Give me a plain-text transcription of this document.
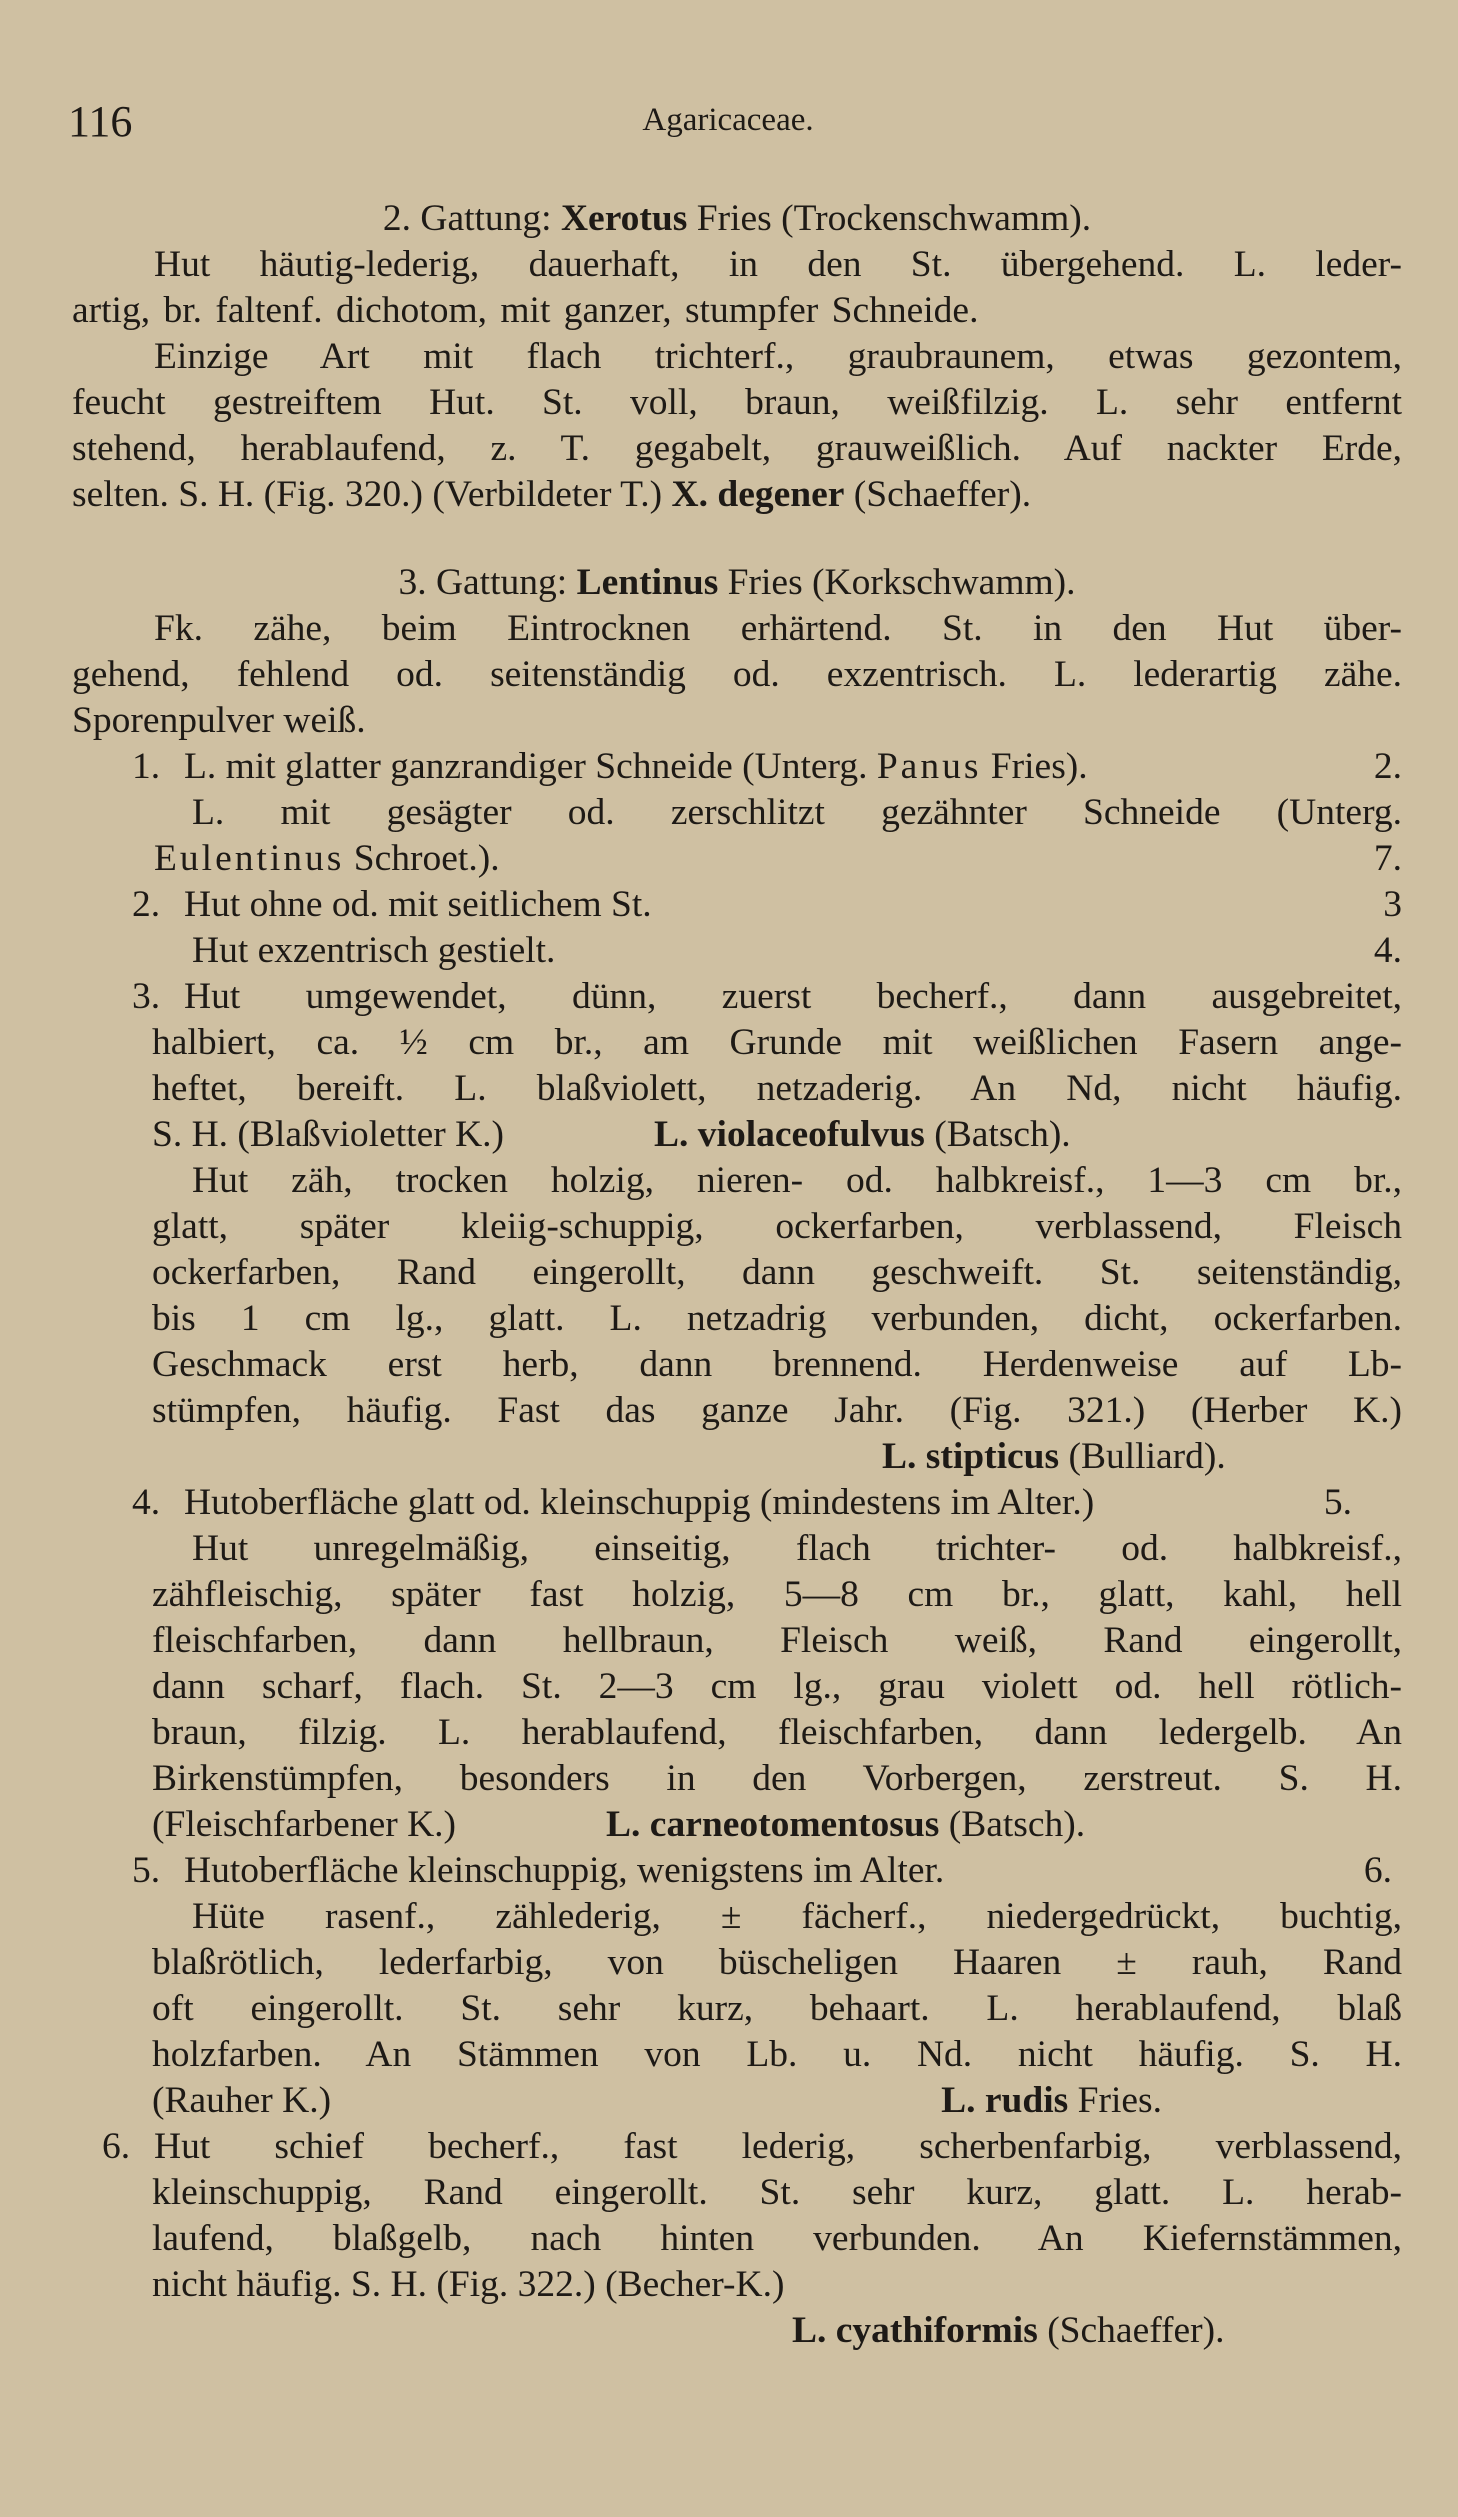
116	Agaricaceae.
2. Gattung: Xerotus Fries (Trockenschwamm).
Hut häutig-lederig, dauerhaft, in den St. übergehend. L. leder-
artig, br. faltenf. dichotom, mit ganzer, stumpfer Schneide.
Einzige Art mit flach trichterf., graubraunem, etwas gezontem,
feucht gestreiftem Hut. St. voll, braun, weißfilzig. L. sehr entfernt
stehend, herablaufend, z. T. gegabelt, grauweißlich. Auf nackter Erde,
selten. S. H. (Fig. 320.) (Verbildeter T.) X. degener (Schaeffer).
3. Gattung: Lentinus Fries (Korkschwamm).
Fk. zähe, beim Eintrocknen erhärtend. St. in den Hut über-
gehend, fehlend od. seitenständig od. exzentrisch. L. lederartig zähe.
Sporenpulver weiß.
1. L. mit glatter ganzrandiger Schneide (Unterg. Panus Fries).	2.
L. mit gesägter od. zerschlitzt gezähnter Schneide (Unterg.
Eulentinus Schroet.).	7.
2. Hut ohne od. mit seitlichem St.	3
Hut exzentrisch gestielt.	4.
3. Hut umgewendet, dünn, zuerst becherf., dann ausgebreitet,
halbiert, ca. ½ cm br., am Grunde mit weißlichen Fasern ange-
heftet, bereift. L. blaßviolett, netzaderig. An Nd, nicht häufig.
S. H. (Blaßvioletter K.)	L. violaceofulvus (Batsch).
Hut zäh, trocken holzig, nieren- od. halbkreisf., 1—3 cm br.,
glatt, später kleiig-schuppig, ockerfarben, verblassend, Fleisch
ockerfarben, Rand eingerollt, dann geschweift. St. seitenständig,
bis 1 cm lg., glatt. L. netzadrig verbunden, dicht, ockerfarben.
Geschmack erst herb, dann brennend. Herdenweise auf Lb-
stümpfen, häufig. Fast das ganze Jahr. (Fig. 321.) (Herber K.)
L. stipticus (Bulliard).
4. Hutoberfläche glatt od. kleinschuppig (mindestens im Alter.)	5.
Hut unregelmäßig, einseitig, flach trichter- od. halbkreisf.,
zähfleischig, später fast holzig, 5—8 cm br., glatt, kahl, hell
fleischfarben, dann hellbraun, Fleisch weiß, Rand eingerollt,
dann scharf, flach. St. 2—3 cm lg., grau violett od. hell rötlich-
braun, filzig. L. herablaufend, fleischfarben, dann ledergelb. An
Birkenstümpfen, besonders in den Vorbergen, zerstreut. S. H.
(Fleischfarbener K.)	L. carneotomentosus (Batsch).
5. Hutoberfläche kleinschuppig, wenigstens im Alter.	6.
Hüte rasenf., zählederig, ± fächerf., niedergedrückt, buchtig,
blaßrötlich, lederfarbig, von büscheligen Haaren ± rauh, Rand
oft eingerollt. St. sehr kurz, behaart. L. herablaufend, blaß
holzfarben. An Stämmen von Lb. u. Nd. nicht häufig. S. H.
(Rauher K.)	L. rudis Fries.
6. Hut schief becherf., fast lederig, scherbenfarbig, verblassend,
kleinschuppig, Rand eingerollt. St. sehr kurz, glatt. L. herab-
laufend, blaßgelb, nach hinten verbunden. An Kiefernstämmen,
nicht häufig. S. H. (Fig. 322.) (Becher-K.)
L. cyathiformis (Schaeffer).
